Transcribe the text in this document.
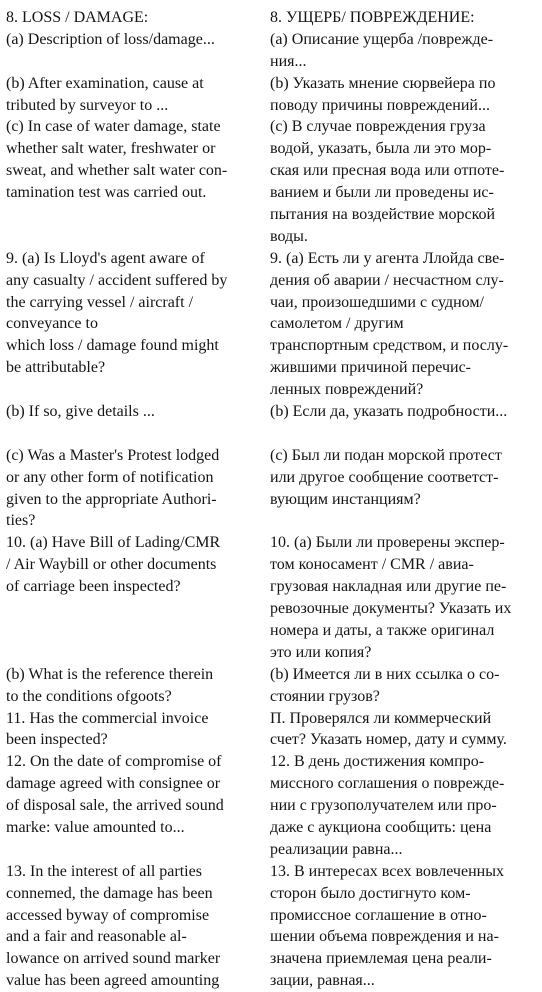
8. LOSS / DAMAGE:
(a) Description of loss/damage...
(b) After examination, cause at
tributed by surveyor to ...
(c) In case of water damage, state
whether salt water, freshwater or
sweat, and whether salt water con-
tamination test was carried out.
9. (a) Is Lloyd's agent aware of
any casualty / accident suffered by
the carrying vessel / aircraft /
conveyance to
which loss / damage found might
be attributable?
(b) If so, give details ...
(c) Was a Master's Protest lodged
or any other form of notification
given to the appropriate Authori-
ties?
10. (a) Have Bill of Lading/CMR
/ Air Waybill or other documents
of carriage been inspected?
(b) What is the reference therein
to the conditions ofgoots?
11. Has the commercial invoice
been inspected?
12. On the date of compromise of
damage agreed with consignee or
of disposal sale, the arrived sound
marke: value amounted to...
13. In the interest of all parties
connemed, the damage has been
accessed byway of compromise
and a fair and reasonable al-
lowance on arrived sound marker
value has been agreed amounting
8. УЩЕРБ/ ПОВРЕЖДЕНИЕ:
(а) Описание ущерба /поврежде-
ния...
(b) Указать мнение сюрвейера по
поводу причины повреждений...
(с) В случае повреждения груза
водой, указать, была ли это мор-
ская или пресная вода или отпоте-
ванием и были ли проведены ис-
пытания на воздействие морской
воды.
9. (а) Есть ли у агента Ллойда све-
дения об аварии / несчастном слу-
чаи, произошедшими с судном/
самолетом / другим
транспортным средством, и послу-
жившими причиной перечис-
ленных повреждений?
(b) Если да, указать подробности...
(с) Был ли подан морской протест
или другое сообщение соответст-
вующим инстанциям?
10. (а) Были ли проверены экспер-
том коносамент / CMR / авиа-
грузовая накладная или другие пе-
ревозочные документы? Указать их
номера и даты, а также оригинал
это или копия?
(b) Имеется ли в них ссылка о со-
стоянии грузов?
П. Проверялся ли коммерческий
счет? Указать номер, дату и сумму.
12. В день достижения компро-
миссного соглашения о поврежде-
нии с грузополучателем или про-
даже с аукциона сообщить: цена
реализации равна...
13. В интересах всех вовлеченных
сторон было достигнуто ком-
промиссное соглашение в отно-
шении объема повреждения и на-
значена приемлемая цена реали-
зации, равная...
